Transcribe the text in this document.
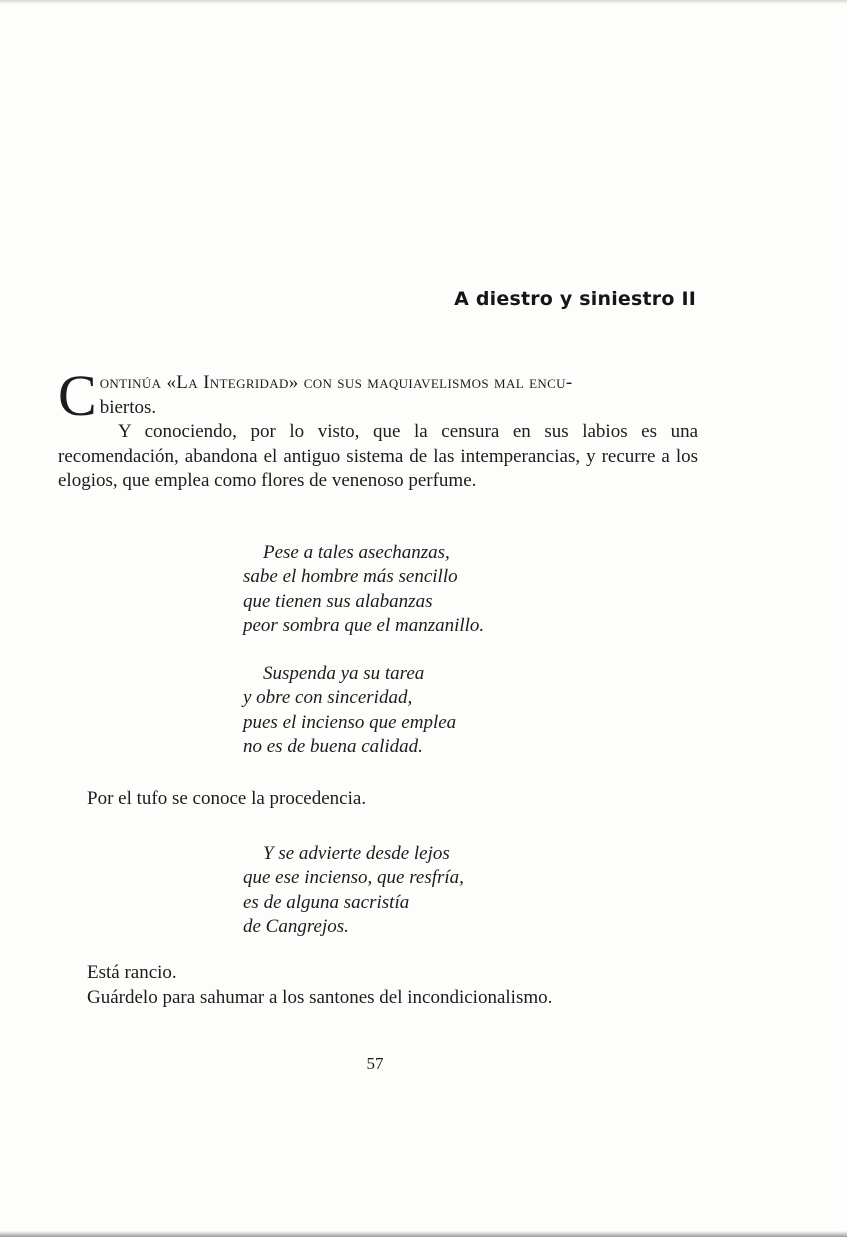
A diestro y siniestro II
C ontinúa «La Integridad» con sus maquiavelismos mal encu-
biertos.
Y conociendo, por lo visto, que la censura en sus labios es una recomendación, abandona el antiguo sistema de las intemperancias, y recurre a los elogios, que emplea como flores de venenoso perfume.
Pese a tales asechanzas,
sabe el hombre más sencillo
que tienen sus alabanzas
peor sombra que el manzanillo.
Suspenda ya su tarea
y obre con sinceridad,
pues el incienso que emplea
no es de buena calidad.
Por el tufo se conoce la procedencia.
Y se advierte desde lejos
que ese incienso, que resfría,
es de alguna sacristía
de Cangrejos.
Está rancio.
Guárdelo para sahumar a los santones del incondicionalismo.
57
